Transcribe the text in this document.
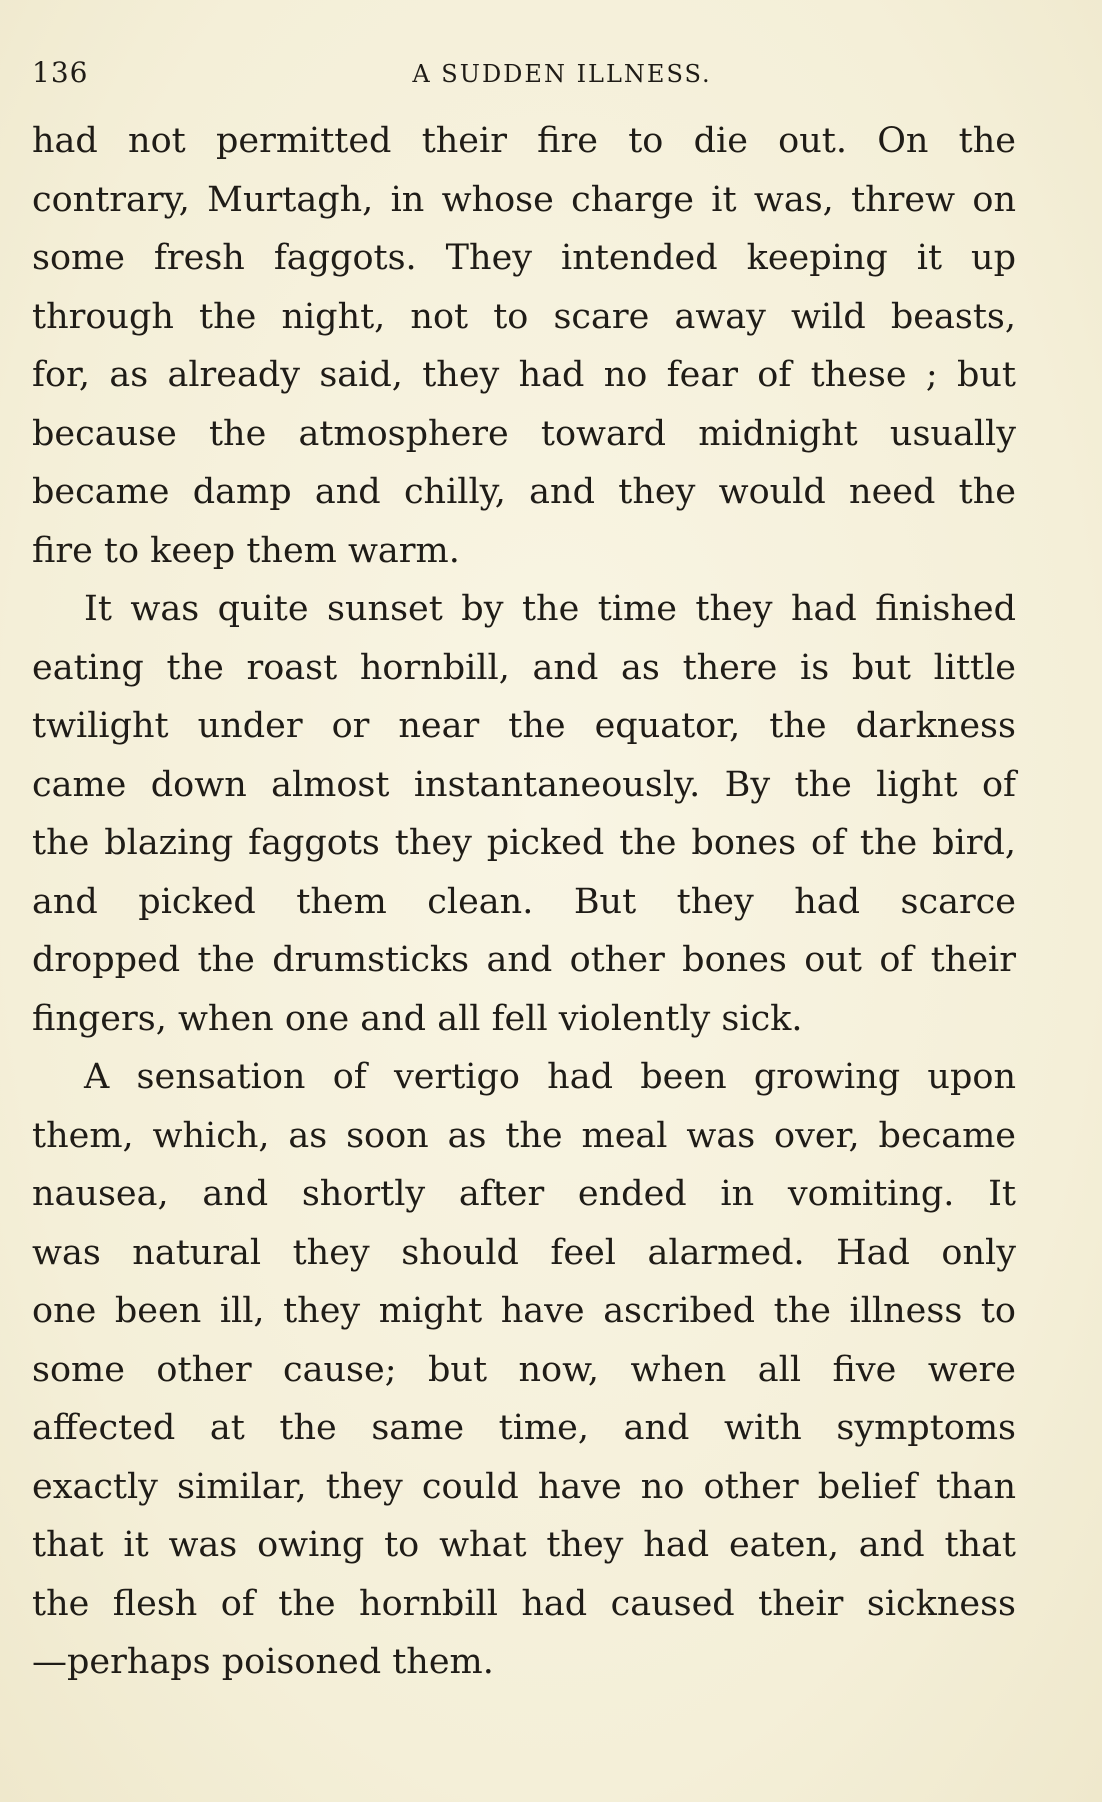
136	A SUDDEN ILLNESS.
had not permitted their fire to die out. On the
contrary, Murtagh, in whose charge it was, threw on
some fresh faggots. They intended keeping it up
through the night, not to scare away wild beasts,
for, as already said, they had no fear of these ; but
because the atmosphere toward midnight usually
became damp and chilly, and they would need the
fire to keep them warm.
It was quite sunset by the time they had finished
eating the roast hornbill, and as there is but little
twilight under or near the equator, the darkness
came down almost instantaneously. By the light of
the blazing faggots they picked the bones of the bird,
and picked them clean. But they had scarce
dropped the drumsticks and other bones out of their
fingers, when one and all fell violently sick.
A sensation of vertigo had been growing upon
them, which, as soon as the meal was over, became
nausea, and shortly after ended in vomiting. It
was natural they should feel alarmed. Had only
one been ill, they might have ascribed the illness to
some other cause; but now, when all five were
affected at the same time, and with symptoms
exactly similar, they could have no other belief than
that it was owing to what they had eaten, and that
the flesh of the hornbill had caused their sickness
—perhaps poisoned them.
